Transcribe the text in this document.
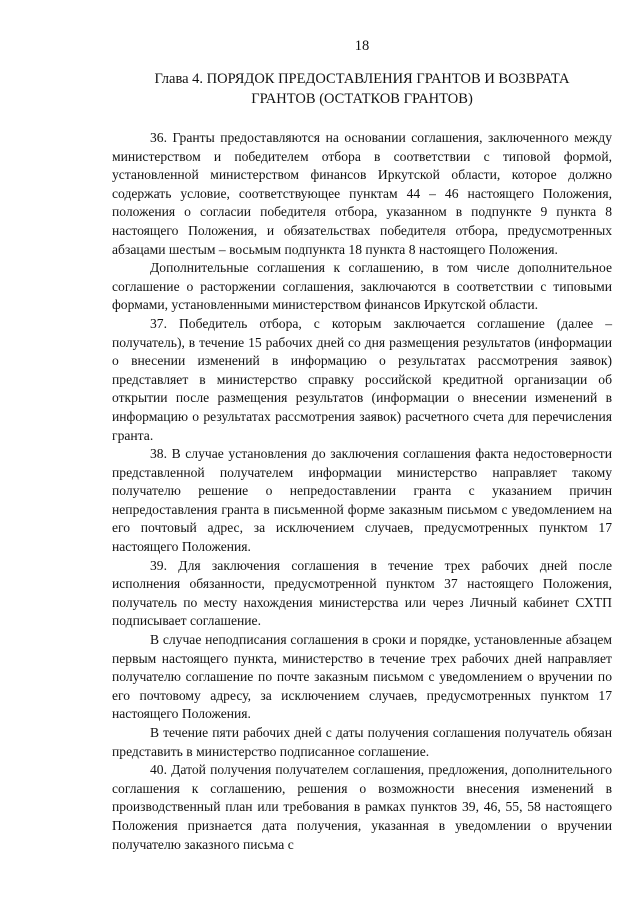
18
Глава 4. ПОРЯДОК ПРЕДОСТАВЛЕНИЯ ГРАНТОВ И ВОЗВРАТА ГРАНТОВ (ОСТАТКОВ ГРАНТОВ)

36. Гранты предоставляются на основании соглашения, заключенного между министерством и победителем отбора в соответствии с типовой формой, установленной министерством финансов Иркутской области, которое должно содержать условие, соответствующее пунктам 44 – 46 настоящего Положения, положения о согласии победителя отбора, указанном в подпункте 9 пункта 8 настоящего Положения, и обязательствах победителя отбора, предусмотренных абзацами шестым – восьмым подпункта 18 пункта 8 настоящего Положения.

Дополнительные соглашения к соглашению, в том числе дополнительное соглашение о расторжении соглашения, заключаются в соответствии с типовыми формами, установленными министерством финансов Иркутской области.

37. Победитель отбора, с которым заключается соглашение (далее – получатель), в течение 15 рабочих дней со дня размещения результатов (информации о внесении изменений в информацию о результатах рассмотрения заявок) представляет в министерство справку российской кредитной организации об открытии после размещения результатов (информации о внесении изменений в информацию о результатах рассмотрения заявок) расчетного счета для перечисления гранта.

38. В случае установления до заключения соглашения факта недостоверности представленной получателем информации министерство направляет такому получателю решение о непредоставлении гранта с указанием причин непредоставления гранта в письменной форме заказным письмом с уведомлением на его почтовый адрес, за исключением случаев, предусмотренных пунктом 17 настоящего Положения.

39. Для заключения соглашения в течение трех рабочих дней после исполнения обязанности, предусмотренной пунктом 37 настоящего Положения, получатель по месту нахождения министерства или через Личный кабинет СХТП подписывает соглашение.

В случае неподписания соглашения в сроки и порядке, установленные абзацем первым настоящего пункта, министерство в течение трех рабочих дней направляет получателю соглашение по почте заказным письмом с уведомлением о вручении по его почтовому адресу, за исключением случаев, предусмотренных пунктом 17 настоящего Положения.

В течение пяти рабочих дней с даты получения соглашения получатель обязан представить в министерство подписанное соглашение.

40. Датой получения получателем соглашения, предложения, дополнительного соглашения к соглашению, решения о возможности внесения изменений в производственный план или требования в рамках пунктов 39, 46, 55, 58 настоящего Положения признается дата получения, указанная в уведомлении о вручении получателю заказного письма с
